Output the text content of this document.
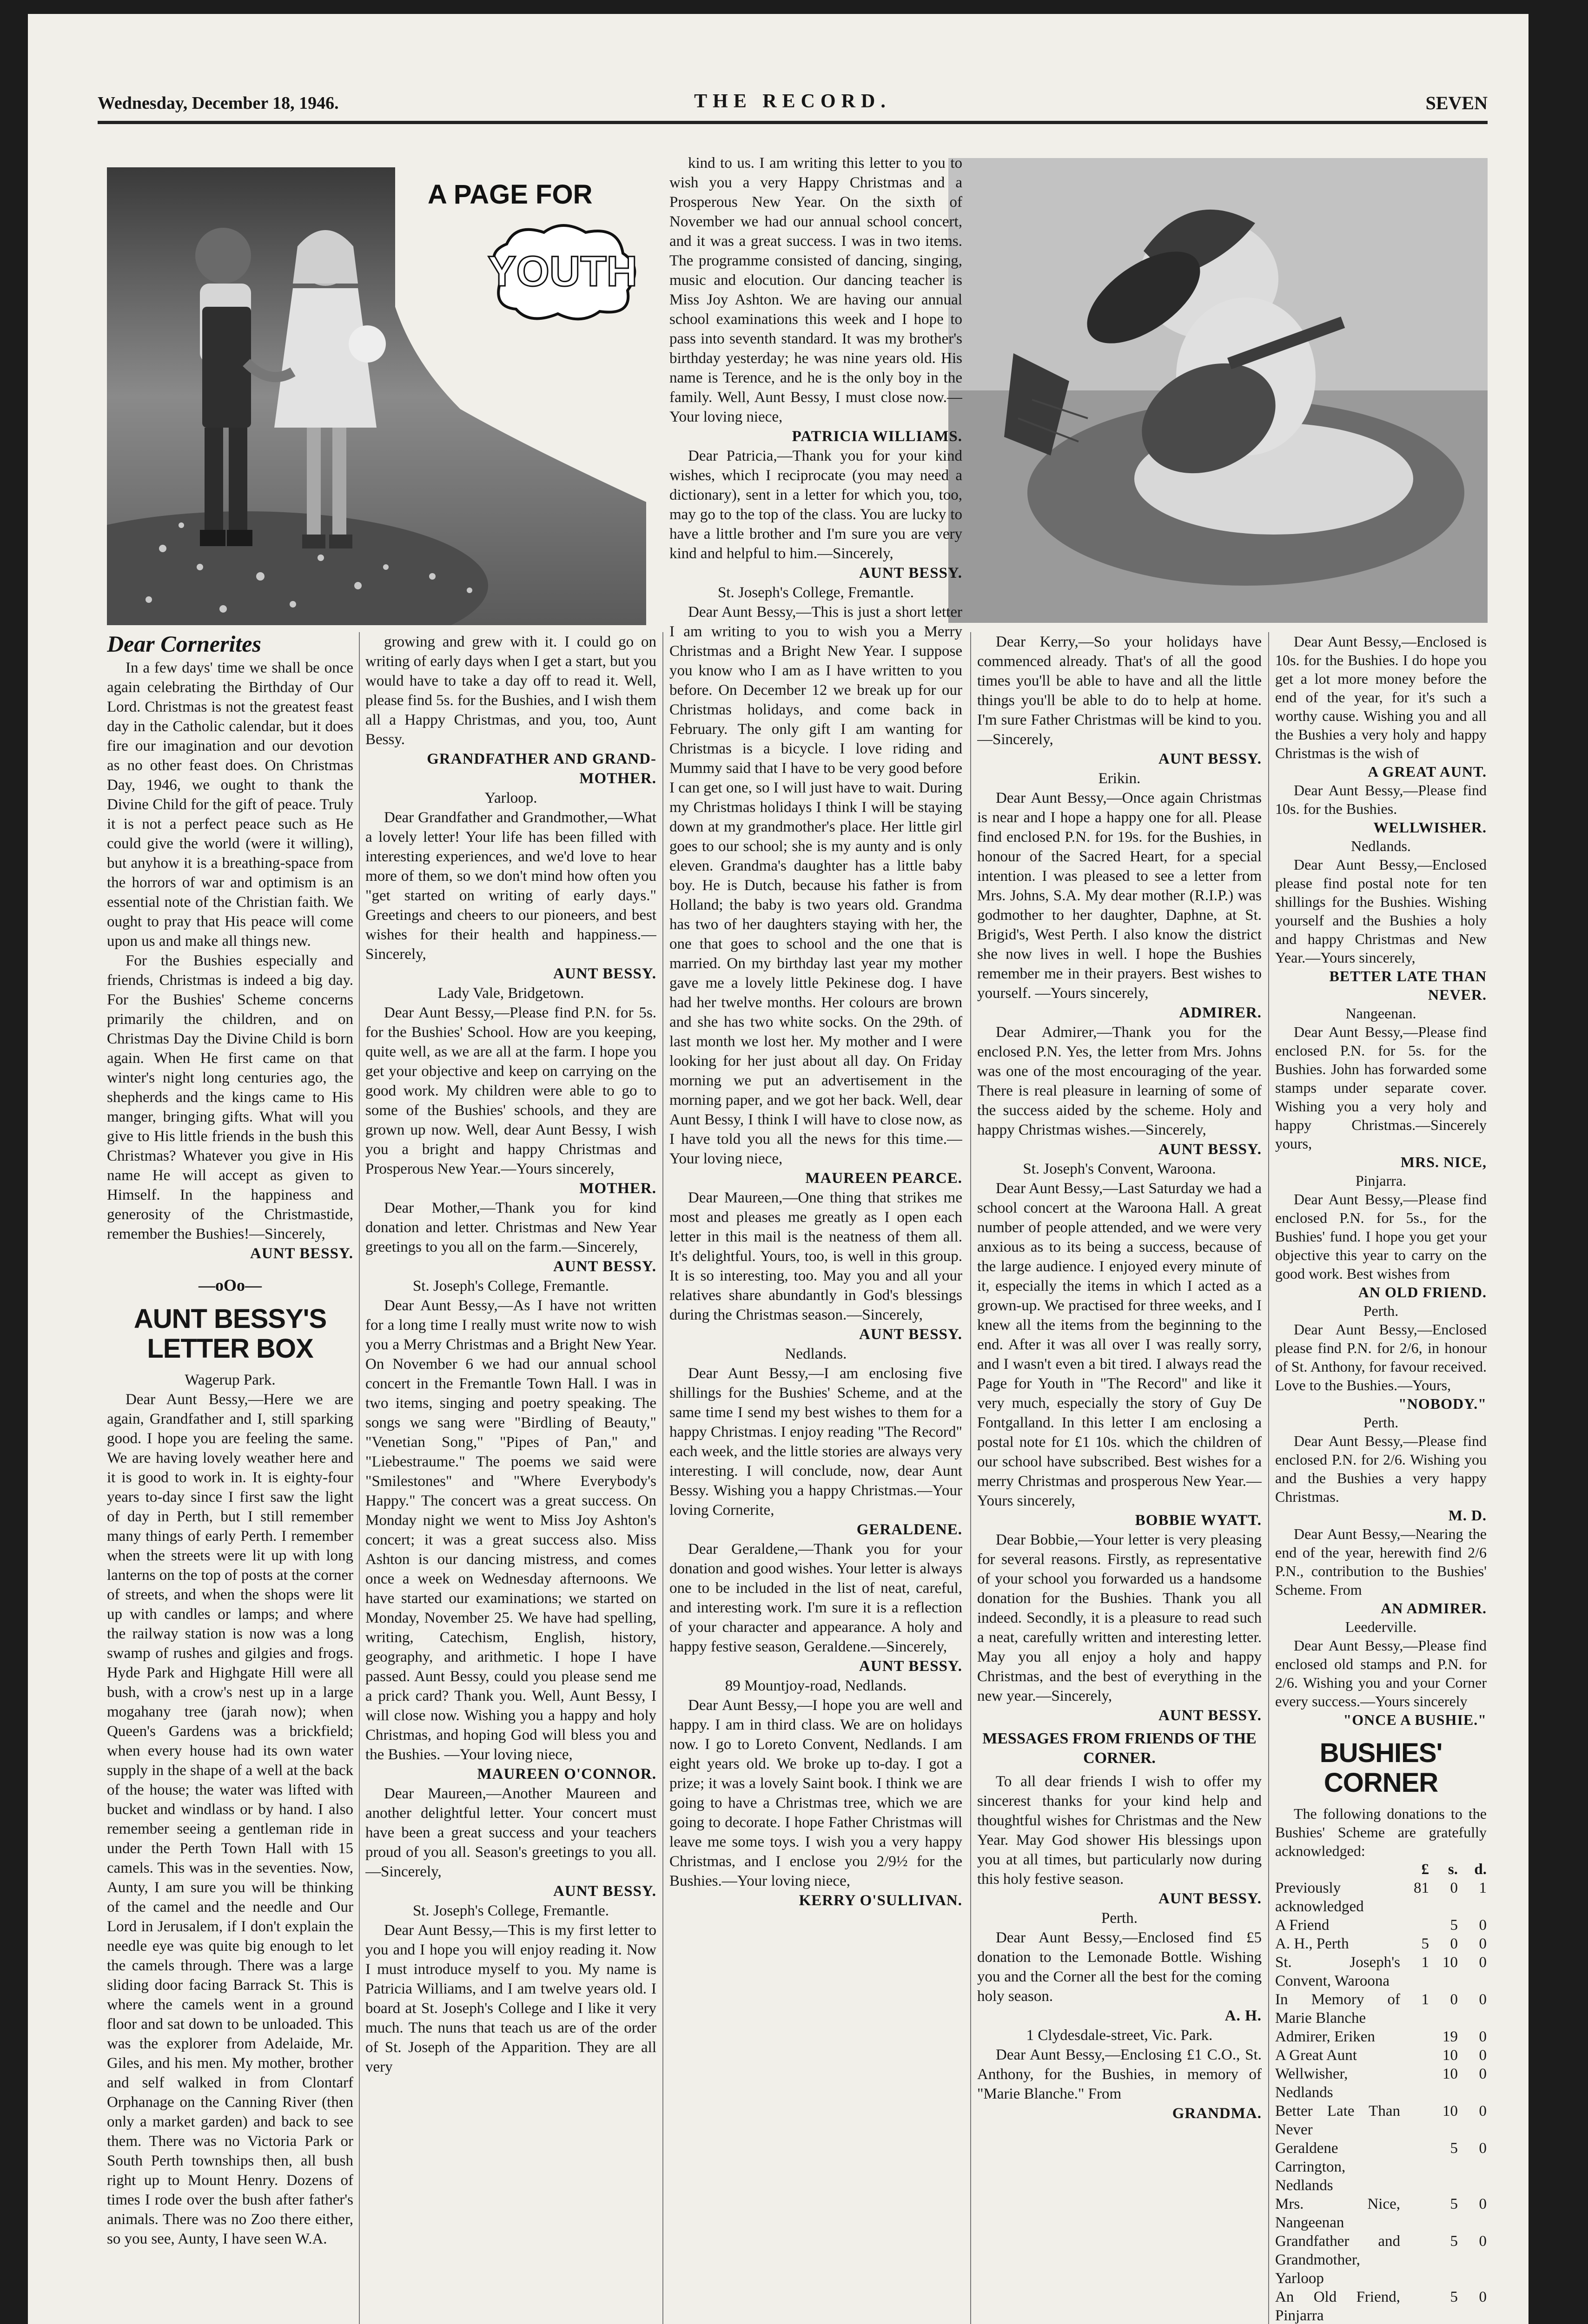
Wednesday, December 18, 1946.	THE RECORD.	SEVEN
A PAGE FOR
YOUTH
Dear Cornerites

In a few days' time we shall be once again celebrating the Birthday of Our Lord. Christmas is not the greatest feast day in the Catholic calendar, but it does fire our imagination and our devotion as no other feast does. On Christmas Day, 1946, we ought to thank the Divine Child for the gift of peace. Truly it is not a perfect peace such as He could give the world (were it willing), but anyhow it is a breathing-space from the horrors of war and optimism is an essential note of the Christian faith. We ought to pray that His peace will come upon us and make all things new.

For the Bushies especially and friends, Christmas is indeed a big day. For the Bushies' Scheme concerns primarily the children, and on Christmas Day the Divine Child is born again. When He first came on that winter's night long centuries ago, the shepherds and the kings came to His manger, bringing gifts. What will you give to His little friends in the bush this Christmas? Whatever you give in His name He will accept as given to Himself. In the happiness and generosity of the Christmastide, remember the Bushies!—Sincerely,

AUNT BESSY.

—oOo—
AUNT BESSY'S LETTER BOX

Wagerup Park.

Dear Aunt Bessy,—Here we are again, Grandfather and I, still sparking good. I hope you are feeling the same. We are having lovely weather here and it is good to work in. It is eighty-four years to-day since I first saw the light of day in Perth, but I still remember many things of early Perth. I remember when the streets were lit up with long lanterns on the top of posts at the corner of streets, and when the shops were lit up with candles or lamps; and where the railway station is now was a long swamp of rushes and gilgies and frogs. Hyde Park and Highgate Hill were all bush, with a crow's nest up in a large mogahany tree (jarah now); when Queen's Gardens was a brickfield; when every house had its own water supply in the shape of a well at the back of the house; the water was lifted with bucket and windlass or by hand. I also remember seeing a gentleman ride in under the Perth Town Hall with 15 camels. This was in the seventies. Now, Aunty, I am sure you will be thinking of the camel and the needle and Our Lord in Jerusalem, if I don't explain the needle eye was quite big enough to let the camels through. There was a large sliding door facing Barrack St. This is where the camels went in a ground floor and sat down to be unloaded. This was the explorer from Adelaide, Mr. Giles, and his men. My mother, brother and self walked in from Clontarf Orphanage on the Canning River (then only a market garden) and back to see them. There was no Victoria Park or South Perth townships then, all bush right up to Mount Henry. Dozens of times I rode over the bush after father's animals. There was no Zoo there either, so you see, Aunty, I have seen W.A.

growing and grew with it. I could go on writing of early days when I get a start, but you would have to take a day off to read it. Well, please find 5s. for the Bushies, and I wish them all a Happy Christmas, and you, too, Aunt Bessy.

GRANDFATHER AND GRAND-MOTHER.

Yarloop.

Dear Grandfather and Grandmother,—What a lovely letter! Your life has been filled with interesting experiences, and we'd love to hear more of them, so we don't mind how often you "get started on writing of early days." Greetings and cheers to our pioneers, and best wishes for their health and happiness.—Sincerely,

AUNT BESSY.

Lady Vale, Bridgetown.

Dear Aunt Bessy,—Please find P.N. for 5s. for the Bushies' School. How are you keeping, quite well, as we are all at the farm. I hope you get your objective and keep on carrying on the good work. My children were able to go to some of the Bushies' schools, and they are grown up now. Well, dear Aunt Bessy, I wish you a bright and happy Christmas and Prosperous New Year.—Yours sincerely,

MOTHER.

Dear Mother,—Thank you for kind donation and letter. Christmas and New Year greetings to you all on the farm.—Sincerely,

AUNT BESSY.

St. Joseph's College, Fremantle.

Dear Aunt Bessy,—As I have not written for a long time I really must write now to wish you a Merry Christmas and a Bright New Year. On November 6 we had our annual school concert in the Fremantle Town Hall. I was in two items, singing and poetry speaking. The songs we sang were "Birdling of Beauty," "Venetian Song," "Pipes of Pan," and "Liebestraume." The poems we said were "Smilestones" and "Where Everybody's Happy." The concert was a great success. On Monday night we went to Miss Joy Ashton's concert; it was a great success also. Miss Ashton is our dancing mistress, and comes once a week on Wednesday afternoons. We have started our examinations; we started on Monday, November 25. We have had spelling, writing, Catechism, English, history, geography, and arithmetic. I hope I have passed. Aunt Bessy, could you please send me a prick card? Thank you. Well, Aunt Bessy, I will close now. Wishing you a happy and holy Christmas, and hoping God will bless you and the Bushies. —Your loving niece,

MAUREEN O'CONNOR.

Dear Maureen,—Another Maureen and another delightful letter. Your concert must have been a great success and your teachers proud of you all. Season's greetings to you all.—Sincerely,

AUNT BESSY.

St. Joseph's College, Fremantle.

Dear Aunt Bessy,—This is my first letter to you and I hope you will enjoy reading it. Now I must introduce myself to you. My name is Patricia Williams, and I am twelve years old. I board at St. Joseph's College and I like it very much. The nuns that teach us are of the order of St. Joseph of the Apparition. They are all very

kind to us. I am writing this letter to you to wish you a very Happy Christmas and a Prosperous New Year. On the sixth of November we had our annual school concert, and it was a great success. I was in two items. The programme consisted of dancing, singing, music and elocution. Our dancing teacher is Miss Joy Ashton. We are having our annual school examinations this week and I hope to pass into seventh standard. It was my brother's birthday yesterday; he was nine years old. His name is Terence, and he is the only boy in the family. Well, Aunt Bessy, I must close now.—Your loving niece,

PATRICIA WILLIAMS.

Dear Patricia,—Thank you for your kind wishes, which I reciprocate (you may need a dictionary), sent in a letter for which you, too, may go to the top of the class. You are lucky to have a little brother and I'm sure you are very kind and helpful to him.—Sincerely,

AUNT BESSY.

St. Joseph's College, Fremantle.

Dear Aunt Bessy,—This is just a short letter I am writing to you to wish you a Merry Christmas and a Bright New Year. I suppose you know who I am as I have written to you before. On December 12 we break up for our Christmas holidays, and come back in February. The only gift I am wanting for Christmas is a bicycle. I love riding and Mummy said that I have to be very good before I can get one, so I will just have to wait. During my Christmas holidays I think I will be staying down at my grandmother's place. Her little girl goes to our school; she is my aunty and is only eleven. Grandma's daughter has a little baby boy. He is Dutch, because his father is from Holland; the baby is two years old. Grandma has two of her daughters staying with her, the one that goes to school and the one that is married. On my birthday last year my mother gave me a lovely little Pekinese dog. I have had her twelve months. Her colours are brown and she has two white socks. On the 29th. of last month we lost her. My mother and I were looking for her just about all day. On Friday morning we put an advertisement in the morning paper, and we got her back. Well, dear Aunt Bessy, I think I will have to close now, as I have told you all the news for this time.—Your loving niece,

MAUREEN PEARCE.

Dear Maureen,—One thing that strikes me most and pleases me greatly as I open each letter in this mail is the neatness of them all. It's delightful. Yours, too, is well in this group. It is so interesting, too. May you and all your relatives share abundantly in God's blessings during the Christmas season.—Sincerely,

AUNT BESSY.

Nedlands.

Dear Aunt Bessy,—I am enclosing five shillings for the Bushies' Scheme, and at the same time I send my best wishes to them for a happy Christmas. I enjoy reading "The Record" each week, and the little stories are always very interesting. I will conclude, now, dear Aunt Bessy. Wishing you a happy Christmas.—Your loving Cornerite,

GERALDENE.

Dear Geraldene,—Thank you for your donation and good wishes. Your letter is always one to be included in the list of neat, careful, and interesting work. I'm sure it is a reflection of your character and appearance. A holy and happy festive season, Geraldene.—Sincerely,

AUNT BESSY.

89 Mountjoy-road, Nedlands.

Dear Aunt Bessy,—I hope you are well and happy. I am in third class. We are on holidays now. I go to Loreto Convent, Nedlands. I am eight years old. We broke up to-day. I got a prize; it was a lovely Saint book. I think we are going to have a Christmas tree, which we are going to decorate. I hope Father Christmas will leave me some toys. I wish you a very happy Christmas, and I enclose you 2/9½ for the Bushies.—Your loving niece,

KERRY O'SULLIVAN.

Dear Kerry,—So your holidays have commenced already. That's of all the good times you'll be able to have and all the little things you'll be able to do to help at home. I'm sure Father Christmas will be kind to you.—Sincerely,

AUNT BESSY.

Erikin.

Dear Aunt Bessy,—Once again Christmas is near and I hope a happy one for all. Please find enclosed P.N. for 19s. for the Bushies, in honour of the Sacred Heart, for a special intention. I was pleased to see a letter from Mrs. Johns, S.A. My dear mother (R.I.P.) was godmother to her daughter, Daphne, at St. Brigid's, West Perth. I also know the district she now lives in well. I hope the Bushies remember me in their prayers. Best wishes to yourself. —Yours sincerely,

ADMIRER.

Dear Admirer,—Thank you for the enclosed P.N. Yes, the letter from Mrs. Johns was one of the most encouraging of the year. There is real pleasure in learning of some of the success aided by the scheme. Holy and happy Christmas wishes.—Sincerely,

AUNT BESSY.

St. Joseph's Convent, Waroona.

Dear Aunt Bessy,—Last Saturday we had a school concert at the Waroona Hall. A great number of people attended, and we were very anxious as to its being a success, because of the large audience. I enjoyed every minute of it, especially the items in which I acted as a grown-up. We practised for three weeks, and I knew all the items from the beginning to the end. After it was all over I was really sorry, and I wasn't even a bit tired. I always read the Page for Youth in "The Record" and like it very much, especially the story of Guy De Fontgalland. In this letter I am enclosing a postal note for £1 10s. which the children of our school have subscribed. Best wishes for a merry Christmas and prosperous New Year.—Yours sincerely,

BOBBIE WYATT.

Dear Bobbie,—Your letter is very pleasing for several reasons. Firstly, as representative of your school you forwarded us a handsome donation for the Bushies. Thank you all indeed. Secondly, it is a pleasure to read such a neat, carefully written and interesting letter. May you all enjoy a holy and happy Christmas, and the best of everything in the new year.—Sincerely,

AUNT BESSY.

MESSAGES FROM FRIENDS OF THE CORNER.

To all dear friends I wish to offer my sincerest thanks for your kind help and thoughtful wishes for Christmas and the New Year. May God shower His blessings upon you at all times, but particularly now during this holy festive season.

AUNT BESSY.

Perth.

Dear Aunt Bessy,—Enclosed find £5 donation to the Lemonade Bottle. Wishing you and the Corner all the best for the coming holy season.

A. H.

1 Clydesdale-street, Vic. Park.

Dear Aunt Bessy,—Enclosing £1 C.O., St. Anthony, for the Bushies, in memory of "Marie Blanche." From

GRANDMA.

Dear Aunt Bessy,—Enclosed is 10s. for the Bushies. I do hope you get a lot more money before the end of the year, for it's such a worthy cause. Wishing you and all the Bushies a very holy and happy Christmas is the wish of

A GREAT AUNT.

Dear Aunt Bessy,—Please find 10s. for the Bushies.

WELLWISHER.

Nedlands.

Dear Aunt Bessy,—Enclosed please find postal note for ten shillings for the Bushies. Wishing yourself and the Bushies a holy and happy Christmas and New Year.—Yours sincerely,

BETTER LATE THAN NEVER.

Nangeenan.

Dear Aunt Bessy,—Please find enclosed P.N. for 5s. for the Bushies. John has forwarded some stamps under separate cover. Wishing you a very holy and happy Christmas.—Sincerely yours,

MRS. NICE,

Pinjarra.

Dear Aunt Bessy,—Please find enclosed P.N. for 5s., for the Bushies' fund. I hope you get your objective this year to carry on the good work. Best wishes from

AN OLD FRIEND.

Perth.

Dear Aunt Bessy,—Enclosed please find P.N. for 2/6, in honour of St. Anthony, for favour received. Love to the Bushies.—Yours,

"NOBODY."

Perth.

Dear Aunt Bessy,—Please find enclosed P.N. for 2/6. Wishing you and the Bushies a very happy Christmas.

M. D.

Dear Aunt Bessy,—Nearing the end of the year, herewith find 2/6 P.N., contribution to the Bushies' Scheme. From

AN ADMIRER.

Leederville.

Dear Aunt Bessy,—Please find enclosed old stamps and P.N. for 2/6. Wishing you and your Corner every success.—Yours sincerely

"ONCE A BUSHIE."

BUSHIES' CORNER

The following donations to the Bushies' Scheme are gratefully acknowledged:

	£	s.	d.
Previously acknowledged	81	0	1
A Friend		5	0
A. H., Perth	5	0	0
St. Joseph's Convent, Waroona	1	10	0
In Memory of Marie Blanche	1	0	0
Admirer, Eriken		19	0
A Great Aunt		10	0
Wellwisher, Nedlands		10	0
Better Late Than Never		10	0
Geraldene Carrington, Nedlands		5	0
Mrs. Nice, Nangeenan		5	0
Grandfather and Grandmother, Yarloop		5	0
An Old Friend, Pinjarra		5	0
